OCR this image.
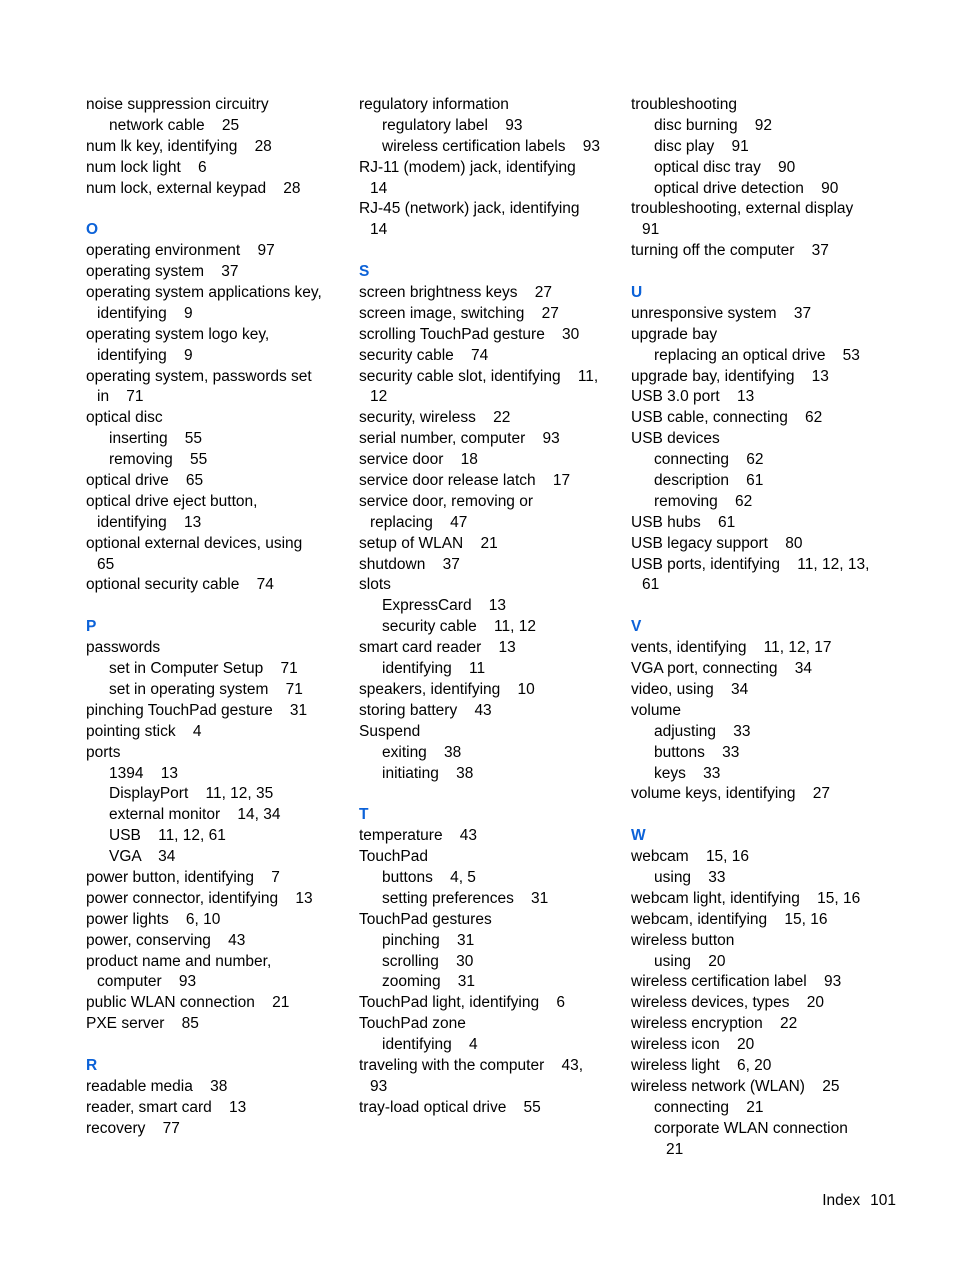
noise suppression circuitry
network cable    25
num lk key, identifying    28
num lock light    6
num lock, external keypad    28
O
operating environment    97
operating system    37
operating system applications key,
identifying    9
operating system logo key,
identifying    9
operating system, passwords set
in    71
optical disc
inserting    55
removing    55
optical drive    65
optical drive eject button,
identifying    13
optional external devices, using
65
optional security cable    74
P
passwords
set in Computer Setup    71
set in operating system    71
pinching TouchPad gesture    31
pointing stick    4
ports
1394    13
DisplayPort    11, 12, 35
external monitor    14, 34
USB    11, 12, 61
VGA    34
power button, identifying    7
power connector, identifying    13
power lights    6, 10
power, conserving    43
product name and number,
computer    93
public WLAN connection    21
PXE server    85
R
readable media    38
reader, smart card    13
recovery    77
regulatory information
regulatory label    93
wireless certification labels    93
RJ-11 (modem) jack, identifying
14
RJ-45 (network) jack, identifying
14
S
screen brightness keys    27
screen image, switching    27
scrolling TouchPad gesture    30
security cable    74
security cable slot, identifying    11,
12
security, wireless    22
serial number, computer    93
service door    18
service door release latch    17
service door, removing or
replacing    47
setup of WLAN    21
shutdown    37
slots
ExpressCard    13
security cable    11, 12
smart card reader    13
identifying    11
speakers, identifying    10
storing battery    43
Suspend
exiting    38
initiating    38
T
temperature    43
TouchPad
buttons    4, 5
setting preferences    31
TouchPad gestures
pinching    31
scrolling    30
zooming    31
TouchPad light, identifying    6
TouchPad zone
identifying    4
traveling with the computer    43,
93
tray-load optical drive    55
troubleshooting
disc burning    92
disc play    91
optical disc tray    90
optical drive detection    90
troubleshooting, external display
91
turning off the computer    37
U
unresponsive system    37
upgrade bay
replacing an optical drive    53
upgrade bay, identifying    13
USB 3.0 port    13
USB cable, connecting    62
USB devices
connecting    62
description    61
removing    62
USB hubs    61
USB legacy support    80
USB ports, identifying    11, 12, 13,
61
V
vents, identifying    11, 12, 17
VGA port, connecting    34
video, using    34
volume
adjusting    33
buttons    33
keys    33
volume keys, identifying    27
W
webcam    15, 16
using    33
webcam light, identifying    15, 16
webcam, identifying    15, 16
wireless button
using    20
wireless certification label    93
wireless devices, types    20
wireless encryption    22
wireless icon    20
wireless light    6, 20
wireless network (WLAN)    25
connecting    21
corporate WLAN connection
21
Index 101
